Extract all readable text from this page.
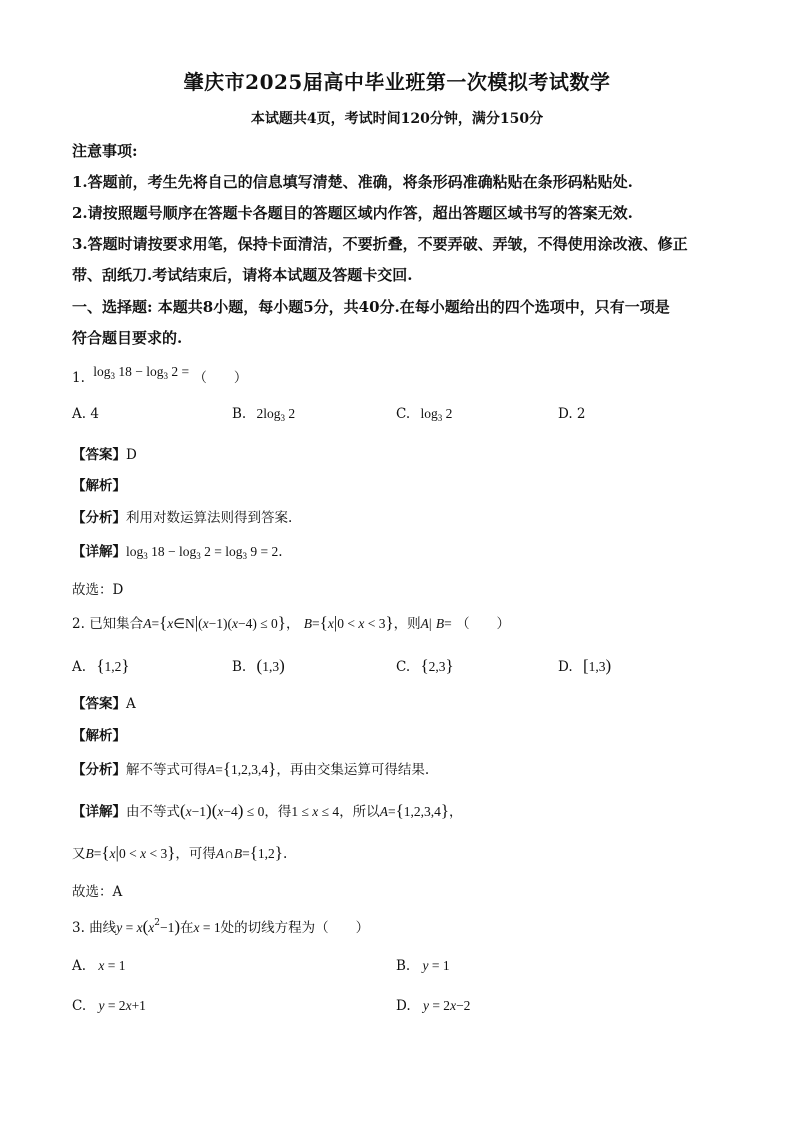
肇庆市2025届高中毕业班第一次模拟考试数学
本试题共4页，考试时间120分钟，满分150分
注意事项:
1.答题前，考生先将自己的信息填写清楚、准确，将条形码准确粘贴在条形码粘贴处.
2.请按照题号顺序在答题卡各题目的答题区域内作答，超出答题区域书写的答案无效.
3.答题时请按要求用笔，保持卡面清洁，不要折叠，不要弄破、弄皱，不得使用涂改液、修正
带、刮纸刀.考试结束后，请将本试题及答题卡交回.
一、选择题: 本题共8小题，每小题5分，共40分.在每小题给出的四个选项中，只有一项是
符合题目要求的.
1. $\log_3 18 - \log_3 2$ = （　　）
A. 4	B. $2\log_3$ 2	C. $\log_3 2$	D. 2
【答案】D
【解析】
【分析】利用对数运算法则得到答案.
【详解】$\log_3 18 - \log_3 2 = \log_3 9 = 2$.
故选：D
2. 已知集合A={x∈N|(x−1)(x−4) ≤ 0}， B={x|0 < x < 3}，则A| B= （　　）
A. {1,2}	B. (1,3)	C. {2,3}	D. [1,3)
【答案】A
【解析】
【分析】解不等式可得A={1,2,3,4}，再由交集运算可得结果.
【详解】由不等式(x−1)(x−4) ≤ 0，得1 ≤ x ≤ 4，所以A={1,2,3,4}，
又B={x|0 < x < 3}，可得A∩B={1,2}.
故选：A
3. 曲线$y = x(x^2-1)$在x = 1处的切线方程为（　　）
A. x = 1	B. y = 1
C. y = 2x+1	D. y = 2x−2
